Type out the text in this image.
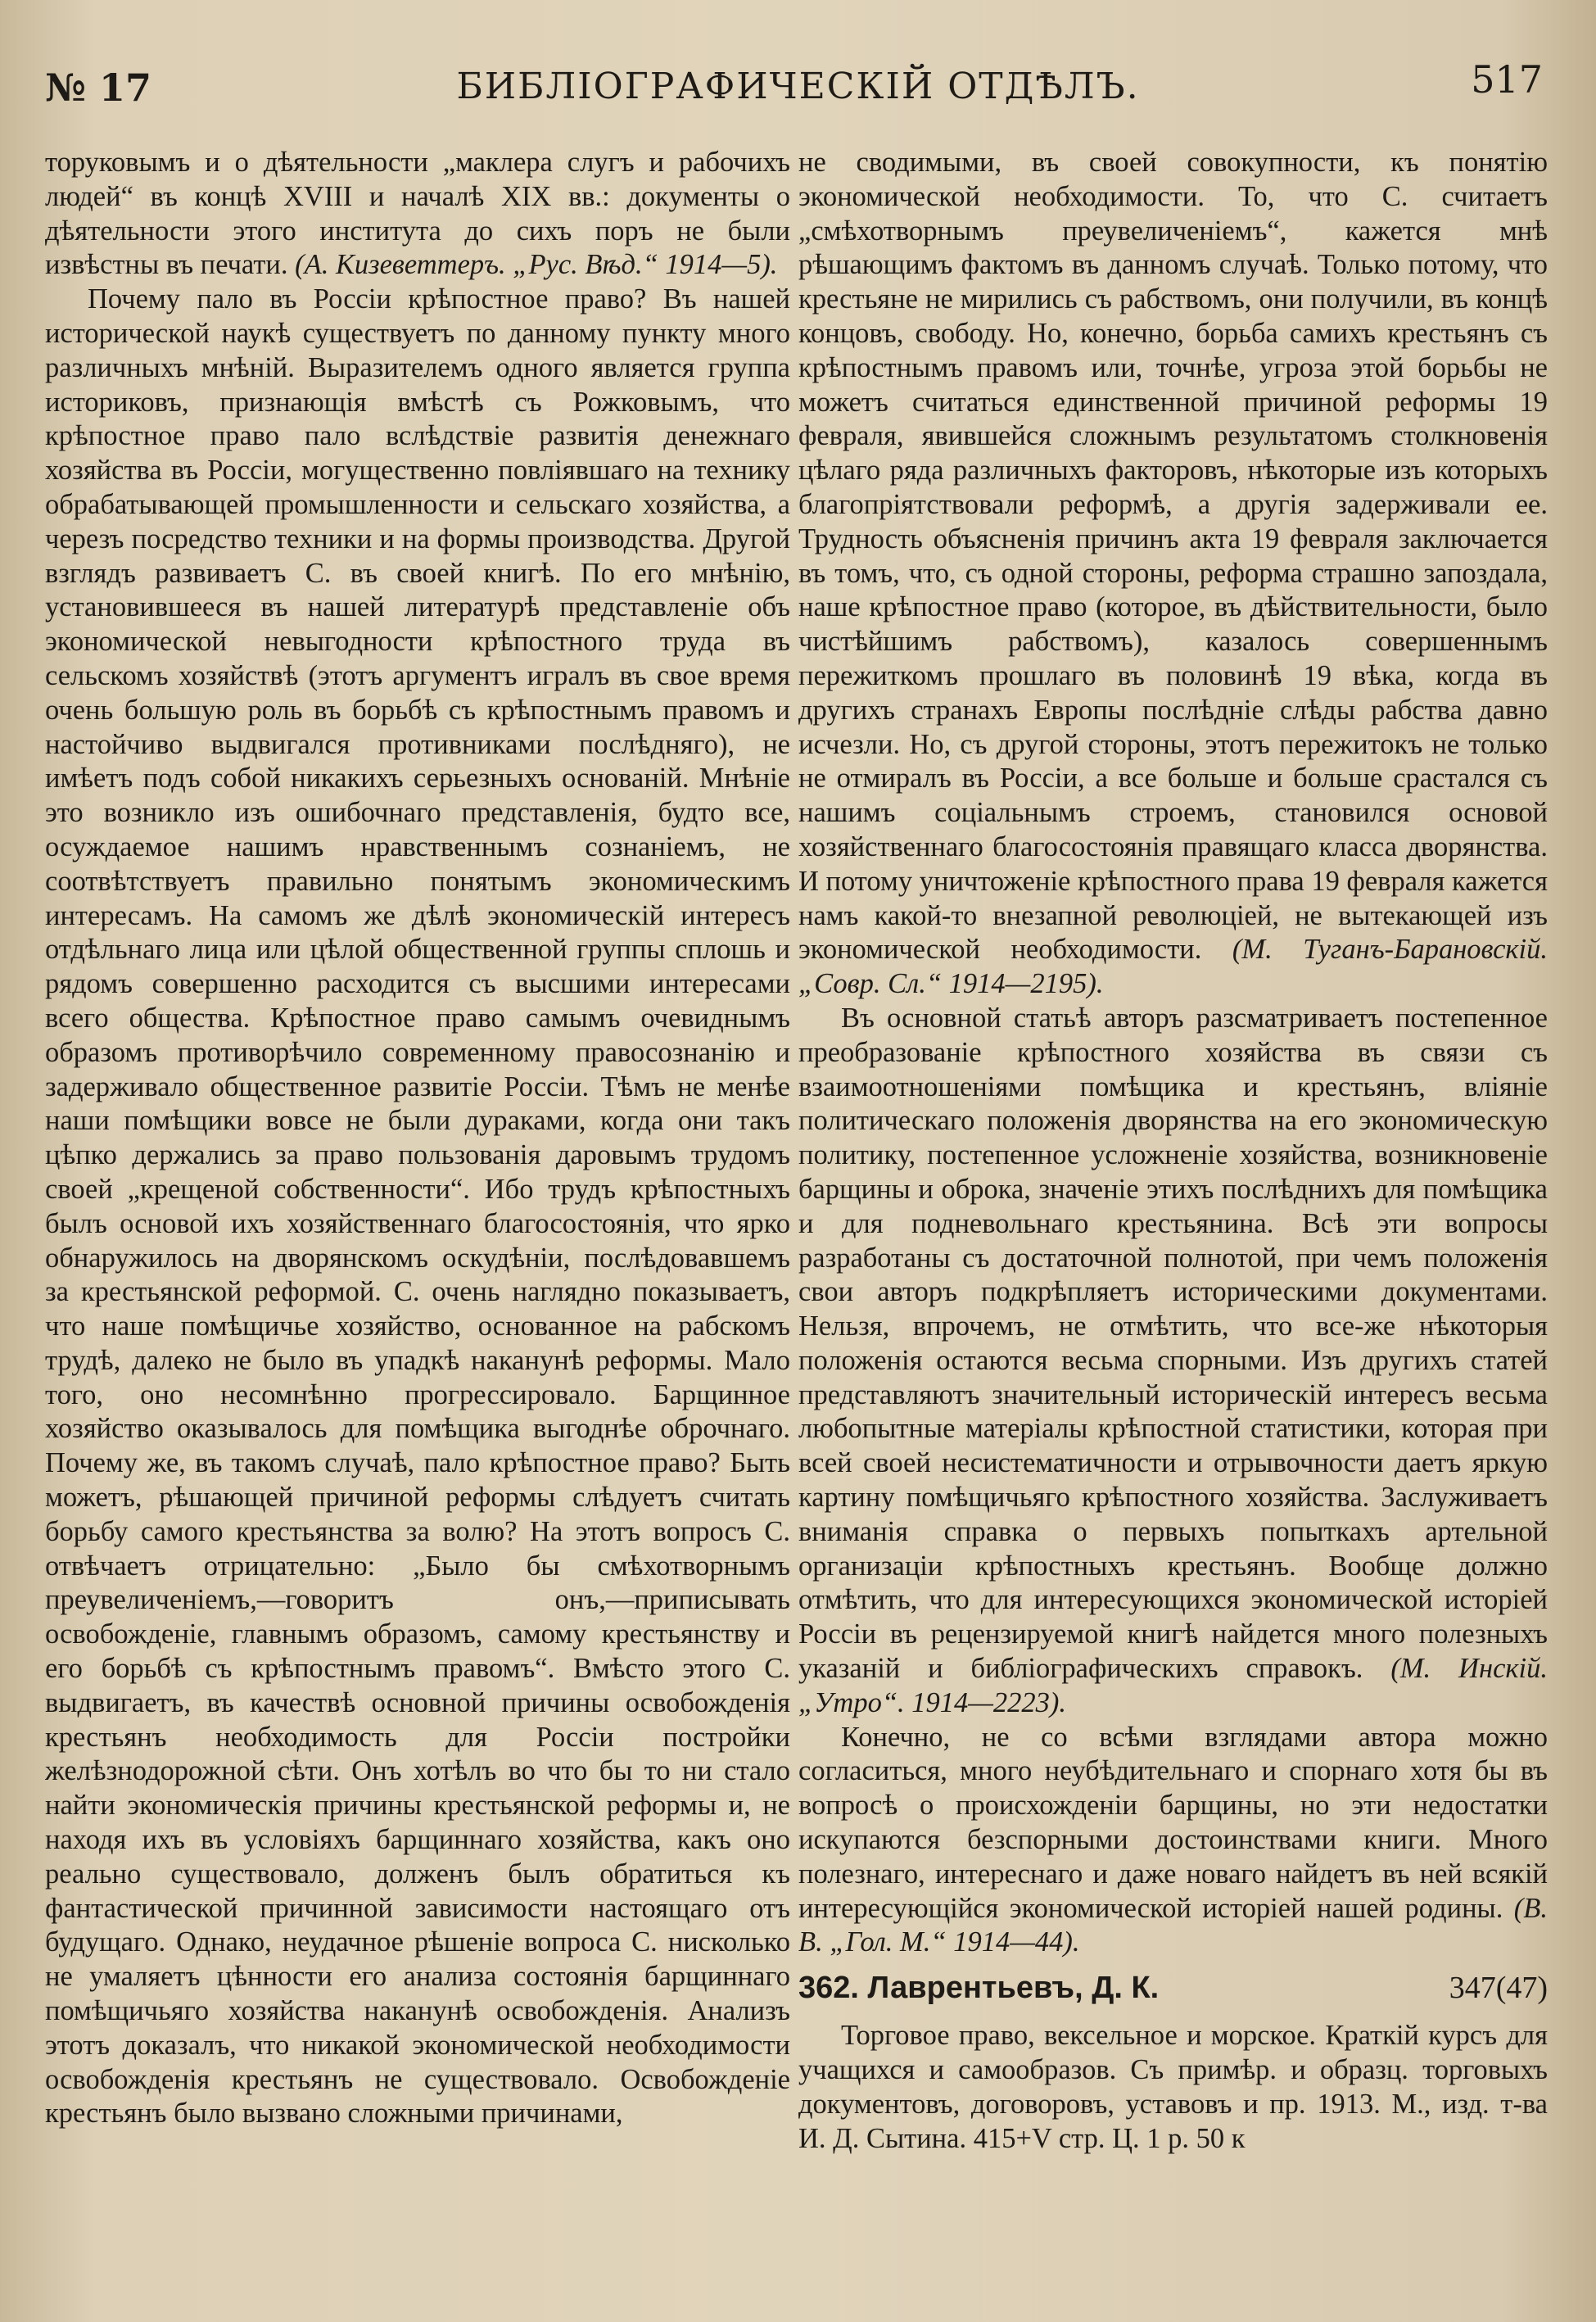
№ 17	БИБЛIОГРАФИЧЕСКIЙ ОТДѢЛЪ.	517

торуковымъ и о дѣятельности „маклера слугъ и рабочихъ людей“ въ концѣ XVIII и началѣ XIX вв.: документы о дѣятельности этого института до сихъ поръ не были извѣстны въ печати. (А. Кизеветтеръ. „Рус. Вѣд.“ 1914—5).

Почему пало въ Россiи крѣпостное право? Въ нашей исторической наукѣ существуетъ по данному пункту много различныхъ мнѣнiй. Выразителемъ одного является группа историковъ, признающiя вмѣстѣ съ Рожковымъ, что крѣпостное право пало вслѣдствiе развитiя денежнаго хозяйства въ Россiи, могущественно повлiявшаго на технику обрабатывающей промышленности и сельскаго хозяйства, а черезъ посредство техники и на формы производства. Другой взглядъ развиваетъ С. въ своей книгѣ. По его мнѣнiю, установившееся въ нашей литературѣ представленiе объ экономической невыгодности крѣпостного труда въ сельскомъ хозяйствѣ (этотъ аргументъ игралъ въ свое время очень большую роль въ борьбѣ съ крѣпостнымъ правомъ и настойчиво выдвигался противниками послѣдняго), не имѣетъ подъ собой никакихъ серьезныхъ основанiй. Мнѣнiе это возникло изъ ошибочнаго представленiя, будто все, осуждаемое нашимъ нравственнымъ сознанiемъ, не соотвѣтствуетъ правильно понятымъ экономическимъ интересамъ. На самомъ же дѣлѣ экономическiй интересъ отдѣльнаго лица или цѣлой общественной группы сплошь и рядомъ совершенно расходится съ высшими интересами всего общества. Крѣпостное право самымъ очевиднымъ образомъ противорѣчило современному правосознанiю и задерживало общественное развитiе Россiи. Тѣмъ не менѣе наши помѣщики вовсе не были дураками, когда они такъ цѣпко держались за право пользованiя даровымъ трудомъ своей „крещеной собственности“. Ибо трудъ крѣпостныхъ былъ основой ихъ хозяйственнаго благосостоянiя, что ярко обнаружилось на дворянскомъ оскудѣнiи, послѣдовавшемъ за крестьянской реформой. С. очень наглядно показываетъ, что наше помѣщичье хозяйство, основанное на рабскомъ трудѣ, далеко не было въ упадкѣ наканунѣ реформы. Мало того, оно несомнѣнно прогрессировало. Барщинное хозяйство оказывалось для помѣщика выгоднѣе оброчнаго. Почему же, въ такомъ случаѣ, пало крѣпостное право? Быть можетъ, рѣшающей причиной реформы слѣдуетъ считать борьбу самого крестьянства за волю? На этотъ вопросъ С. отвѣчаетъ отрицательно: „Было бы смѣхотворнымъ преувеличенiемъ,—говоритъ онъ,—приписывать освобожденiе, главнымъ образомъ, самому крестьянству и его борьбѣ съ крѣпостнымъ правомъ“. Вмѣсто этого С. выдвигаетъ, въ качествѣ основной причины освобожденiя крестьянъ необходимость для Россiи постройки желѣзнодорожной сѣти. Онъ хотѣлъ во что бы то ни стало найти экономическiя причины крестьянской реформы и, не находя ихъ въ условiяхъ барщиннаго хозяйства, какъ оно реально существовало, долженъ былъ обратиться къ фантастической причинной зависимости настоящаго отъ будущаго. Однако, неудачное рѣшенiе вопроса С. нисколько не умаляетъ цѣнности его анализа состоянiя барщиннаго помѣщичьяго хозяйства наканунѣ освобожденiя. Анализъ этотъ доказалъ, что никакой экономической необходимости освобожденiя крестьянъ не существовало. Освобожденiе крестьянъ было вызвано сложными причинами,

не сводимыми, въ своей совокупности, къ понятiю экономической необходимости. То, что С. считаетъ „смѣхотворнымъ преувеличенiемъ“, кажется мнѣ рѣшающимъ фактомъ въ данномъ случаѣ. Только потому, что крестьяне не мирились съ рабствомъ, они получили, въ концѣ концовъ, свободу. Но, конечно, борьба самихъ крестьянъ съ крѣпостнымъ правомъ или, точнѣе, угроза этой борьбы не можетъ считаться единственной причиной реформы 19 февраля, явившейся сложнымъ результатомъ столкновенiя цѣлаго ряда различныхъ факторовъ, нѣкоторые изъ которыхъ благопрiятствовали реформѣ, а другiя задерживали ее. Трудность объясненiя причинъ акта 19 февраля заключается въ томъ, что, съ одной стороны, реформа страшно запоздала, наше крѣпостное право (которое, въ дѣйствительности, было чистѣйшимъ рабствомъ), казалось совершеннымъ пережиткомъ прошлаго въ половинѣ 19 вѣка, когда въ другихъ странахъ Европы послѣднiе слѣды рабства давно исчезли. Но, съ другой стороны, этотъ пережитокъ не только не отмиралъ въ Россiи, а все больше и больше срастался съ нашимъ соцiальнымъ строемъ, становился основой хозяйственнаго благосостоянiя правящаго класса дворянства. И потому уничтоженiе крѣпостного права 19 февраля кажется намъ какой-то внезапной революцiей, не вытекающей изъ экономической необходимости. (М. Туганъ-Барановскiй. „Совр. Сл.“ 1914—2195).

Въ основной статьѣ авторъ разсматриваетъ постепенное преобразованiе крѣпостного хозяйства въ связи съ взаимоотношенiями помѣщика и крестьянъ, влiянiе политическаго положенiя дворянства на его экономическую политику, постепенное усложненiе хозяйства, возникновенiе барщины и оброка, значенiе этихъ послѣднихъ для помѣщика и для подневольнаго крестьянина. Всѣ эти вопросы разработаны съ достаточной полнотой, при чемъ положенiя свои авторъ подкрѣпляетъ историческими документами. Нельзя, впрочемъ, не отмѣтить, что все-же нѣкоторыя положенiя остаются весьма спорными. Изъ другихъ статей представляютъ значительный историческiй интересъ весьма любопытные матерiалы крѣпостной статистики, которая при всей своей несистематичности и отрывочности даетъ яркую картину помѣщичьяго крѣпостного хозяйства. Заслуживаетъ вниманiя справка о первыхъ попыткахъ артельной организацiи крѣпостныхъ крестьянъ. Вообще должно отмѣтить, что для интересующихся экономической исторiей Россiи въ рецензируемой книгѣ найдется много полезныхъ указанiй и библiографическихъ справокъ. (М. Инскiй. „Утро“. 1914—2223).

Конечно, не со всѣми взглядами автора можно согласиться, много неубѣдительнаго и спорнаго хотя бы въ вопросѣ о происхожденiи барщины, но эти недостатки искупаются безспорными достоинствами книги. Много полезнаго, интереснаго и даже новаго найдетъ въ ней всякiй интересующiйся экономической исторiей нашей родины. (В. В. „Гол. М.“ 1914—44).

362. Лаврентьевъ, Д. К.	347(47)

Торговое право, вексельное и морское. Краткiй курсъ для учащихся и самообразов. Съ примѣр. и образц. торговыхъ документовъ, договоровъ, уставовъ и пр. 1913. М., изд. т-ва И. Д. Сытина. 415+V стр. Ц. 1 р. 50 к
